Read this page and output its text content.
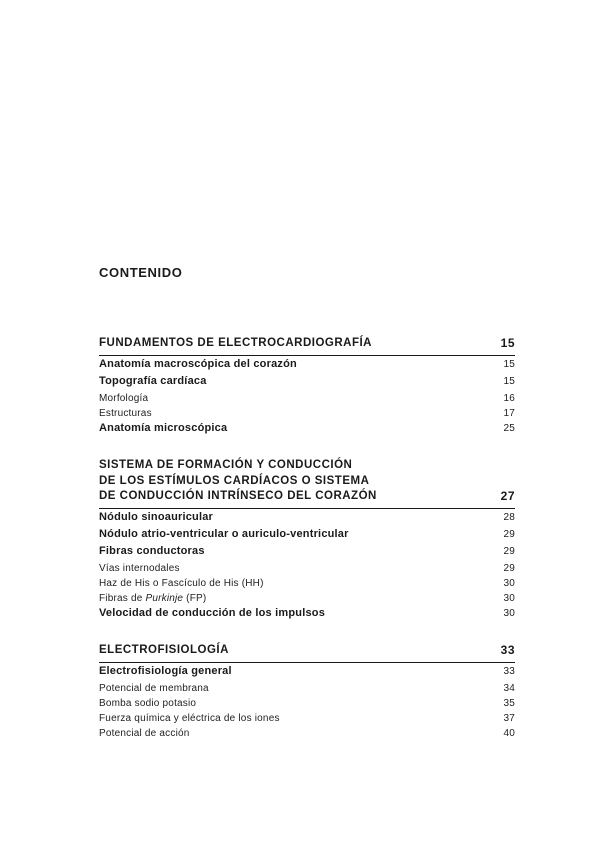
CONTENIDO
FUNDAMENTOS DE ELECTROCARDIOGRAFÍA	15
Anatomía macroscópica del corazón	15
Topografía cardíaca	15
Morfología	16
Estructuras	17
Anatomía microscópica	25
SISTEMA DE FORMACIÓN Y CONDUCCIÓN
DE LOS ESTÍMULOS CARDÍACOS O SISTEMA
DE CONDUCCIÓN INTRÍNSECO DEL CORAZÓN	27
Nódulo sinoauricular	28
Nódulo atrio-ventricular o auriculo-ventricular	29
Fibras conductoras	29
Vías internodales	29
Haz de His o Fascículo de His (HH)	30
Fibras de Purkinje (FP)	30
Velocidad de conducción de los impulsos	30
ELECTROFISIOLOGÍA	33
Electrofisiología general	33
Potencial de membrana	34
Bomba sodio potasio	35
Fuerza química y eléctrica de los iones	37
Potencial de acción	40
